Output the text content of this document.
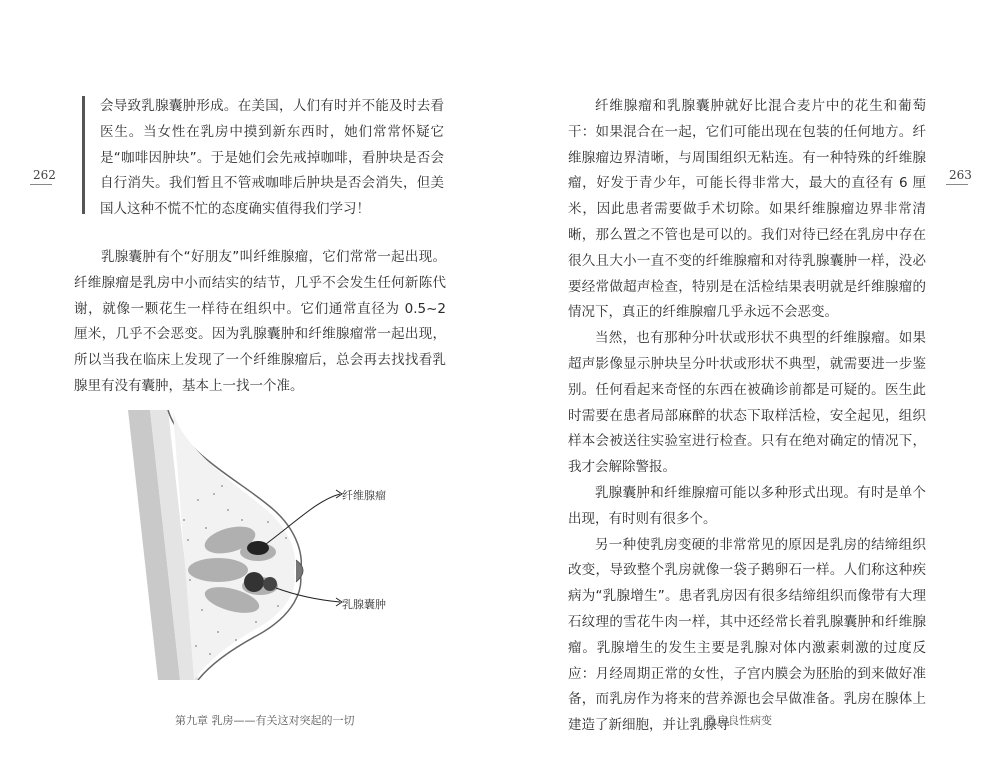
262	263

会导致乳腺囊肿形成。在美国，人们有时并不能及时去看医生。当女性在乳房中摸到新东西时，她们常常怀疑它是“咖啡因肿块”。于是她们会先戒掉咖啡，看肿块是否会自行消失。我们暂且不管戒咖啡后肿块是否会消失，但美国人这种不慌不忙的态度确实值得我们学习！

乳腺囊肿有个“好朋友”叫纤维腺瘤，它们常常一起出现。纤维腺瘤是乳房中小而结实的结节，几乎不会发生任何新陈代谢，就像一颗花生一样待在组织中。它们通常直径为 0.5~2 厘米，几乎不会恶变。因为乳腺囊肿和纤维腺瘤常一起出现，所以当我在临床上发现了一个纤维腺瘤后，总会再去找找看乳腺里有没有囊肿，基本上一找一个准。

纤维腺瘤
乳腺囊肿
第九章 乳房——有关这对突起的一切

纤维腺瘤和乳腺囊肿就好比混合麦片中的花生和葡萄干：如果混合在一起，它们可能出现在包装的任何地方。纤维腺瘤边界清晰，与周围组织无粘连。有一种特殊的纤维腺瘤，好发于青少年，可能长得非常大，最大的直径有 6 厘米，因此患者需要做手术切除。如果纤维腺瘤边界非常清晰，那么置之不管也是可以的。我们对待已经在乳房中存在很久且大小一直不变的纤维腺瘤和对待乳腺囊肿一样，没必要经常做超声检查，特别是在活检结果表明就是纤维腺瘤的情况下，真正的纤维腺瘤几乎永远不会恶变。

当然，也有那种分叶状或形状不典型的纤维腺瘤。如果超声影像显示肿块呈分叶状或形状不典型，就需要进一步鉴别。任何看起来奇怪的东西在被确诊前都是可疑的。医生此时需要在患者局部麻醉的状态下取样活检，安全起见，组织样本会被送往实验室进行检查。只有在绝对确定的情况下，我才会解除警报。

乳腺囊肿和纤维腺瘤可能以多种形式出现。有时是单个出现，有时则有很多个。

另一种使乳房变硬的非常常见的原因是乳房的结缔组织改变，导致整个乳房就像一袋子鹅卵石一样。人们称这种疾病为“乳腺增生”。患者乳房因有很多结缔组织而像带有大理石纹理的雪花牛肉一样，其中还经常长着乳腺囊肿和纤维腺瘤。乳腺增生的发生主要是乳腺对体内激素刺激的过度反应：月经周期正常的女性，子宫内膜会为胚胎的到来做好准备，而乳房作为将来的营养源也会早做准备。乳房在腺体上建造了新细胞，并让乳腺导

乳房良性病变
